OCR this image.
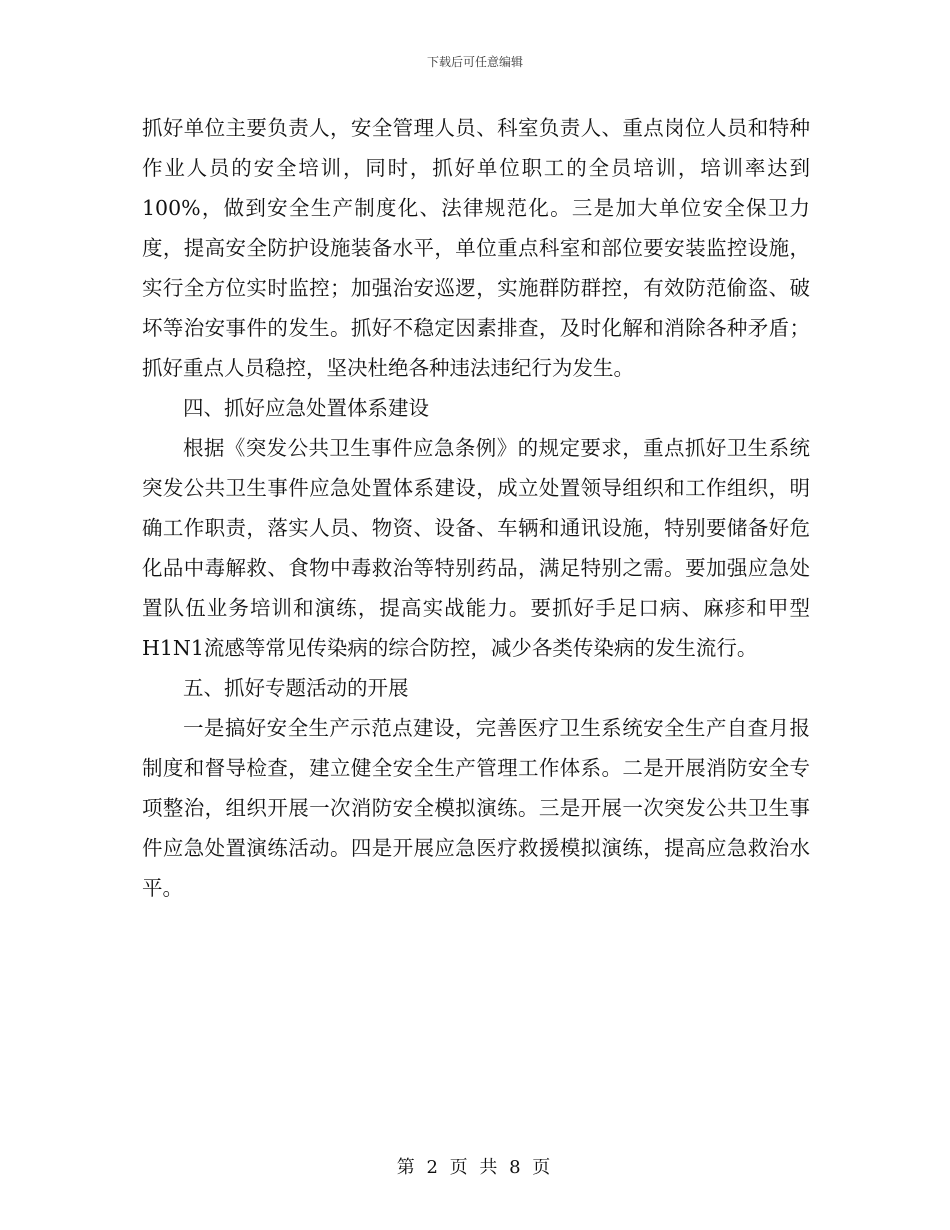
下载后可任意编辑

抓好单位主要负责人，安全管理人员、科室负责人、重点岗位人员和特种作业人员的安全培训，同时，抓好单位职工的全员培训，培训率达到100%，做到安全生产制度化、法律规范化。三是加大单位安全保卫力度，提高安全防护设施装备水平，单位重点科室和部位要安装监控设施，实行全方位实时监控；加强治安巡逻，实施群防群控，有效防范偷盗、破坏等治安事件的发生。抓好不稳定因素排查，及时化解和消除各种矛盾；抓好重点人员稳控，坚决杜绝各种违法违纪行为发生。

四、抓好应急处置体系建设

根据《突发公共卫生事件应急条例》的规定要求，重点抓好卫生系统突发公共卫生事件应急处置体系建设，成立处置领导组织和工作组织，明确工作职责，落实人员、物资、设备、车辆和通讯设施，特别要储备好危化品中毒解救、食物中毒救治等特别药品，满足特别之需。要加强应急处置队伍业务培训和演练，提高实战能力。要抓好手足口病、麻疹和甲型H1N1流感等常见传染病的综合防控，减少各类传染病的发生流行。

五、抓好专题活动的开展

一是搞好安全生产示范点建设，完善医疗卫生系统安全生产自查月报制度和督导检查，建立健全安全生产管理工作体系。二是开展消防安全专项整治，组织开展一次消防安全模拟演练。三是开展一次突发公共卫生事件应急处置演练活动。四是开展应急医疗救援模拟演练，提高应急救治水平。

第 2 页 共 8 页
